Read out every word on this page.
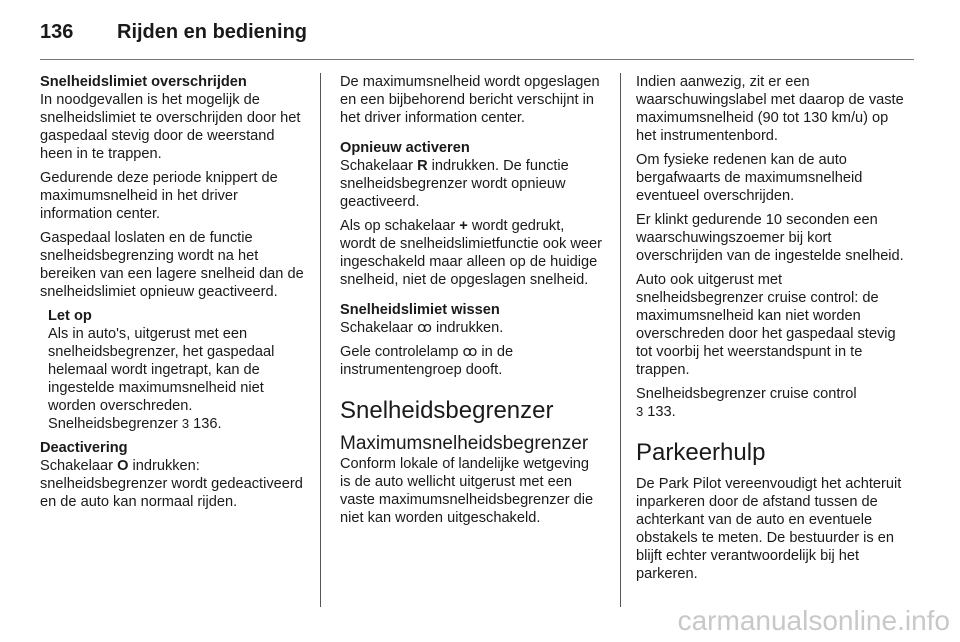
136 Rijden en bediening

Snelheidslimiet overschrijden

In noodgevallen is het mogelijk de snelheidslimiet te overschrijden door het gaspedaal stevig door de weerstand heen in te trappen.

Gedurende deze periode knippert de maximumsnelheid in het driver information center.

Gaspedaal loslaten en de functie snelheidsbegrenzing wordt na het bereiken van een lagere snelheid dan de snelheidslimiet opnieuw geactiveerd.

Let op

Als in auto's, uitgerust met een snelheidsbegrenzer, het gaspedaal helemaal wordt ingetrapt, kan de ingestelde maximumsnelheid niet worden overschreden. Snelheidsbegrenzer 3 136.

Deactivering

Schakelaar O indrukken: snelheidsbegrenzer wordt gedeactiveerd en de auto kan normaal rijden.

De maximumsnelheid wordt opgeslagen en een bijbehorend bericht verschijnt in het driver information center.

Opnieuw activeren

Schakelaar R indrukken. De functie snelheidsbegrenzer wordt opnieuw geactiveerd.

Als op schakelaar + wordt gedrukt, wordt de snelheidslimietfunctie ook weer ingeschakeld maar alleen op de huidige snelheid, niet de opgeslagen snelheid.

Snelheidslimiet wissen

Schakelaar ꝏ indrukken.

Gele controlelamp ꝏ in de instrumentengroep dooft.

Snelheidsbegrenzer

Maximumsnelheidsbegrenzer

Conform lokale of landelijke wetgeving is de auto wellicht uitgerust met een vaste maximumsnelheidsbegrenzer die niet kan worden uitgeschakeld.

Indien aanwezig, zit er een waarschuwingslabel met daarop de vaste maximumsnelheid (90 tot 130 km/u) op het instrumentenbord.

Om fysieke redenen kan de auto bergafwaarts de maximumsnelheid eventueel overschrijden.

Er klinkt gedurende 10 seconden een waarschuwingszoemer bij kort overschrijden van de ingestelde snelheid.

Auto ook uitgerust met snelheidsbegrenzer cruise control: de maximumsnelheid kan niet worden overschreden door het gaspedaal stevig tot voorbij het weerstandspunt in te trappen.

Snelheidsbegrenzer cruise control
3 133.

Parkeerhulp

De Park Pilot vereenvoudigt het achteruit inparkeren door de afstand tussen de achterkant van de auto en eventuele obstakels te meten. De bestuurder is en blijft echter verantwoordelijk bij het parkeren.

carmanualsonline.info
